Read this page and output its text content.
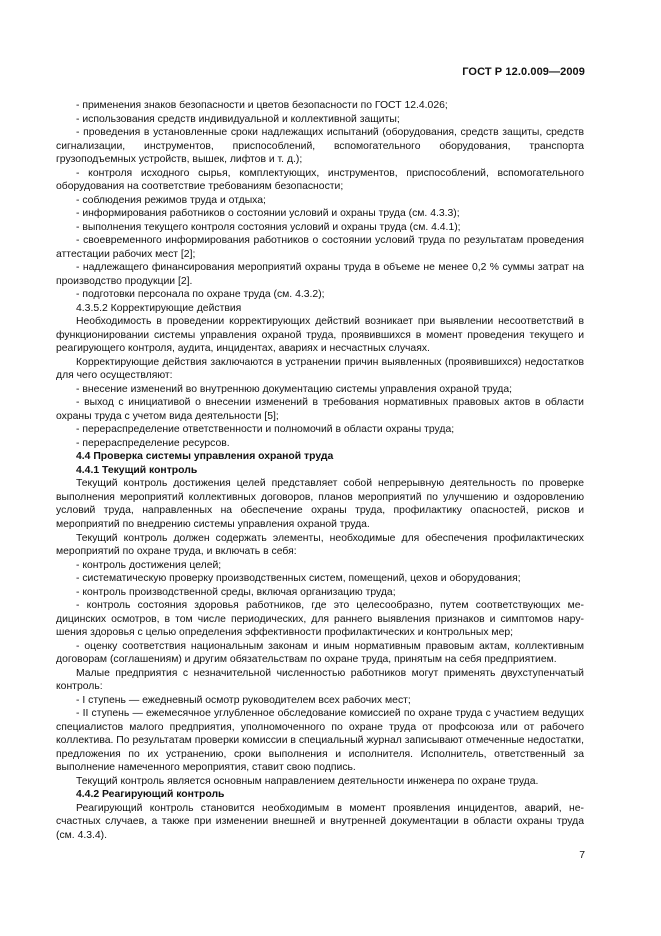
ГОСТ Р 12.0.009—2009

- применения знаков безопасности и цветов безопасности по ГОСТ 12.4.026;

- использования средств индивидуальной и коллективной защиты;

- проведения в установленные сроки надлежащих испытаний (оборудования, средств защиты, средств сигнализации, инструментов, приспособлений, вспомогательного оборудования, транспорта грузоподъемных устройств, вышек, лифтов и т. д.);

- контроля исходного сырья, комплектующих, инструментов, приспособлений, вспомогательного оборудования на соответствие требованиям безопасности;

- соблюдения режимов труда и отдыха;

- информирования работников о состоянии условий и охраны труда (см. 4.3.3);

- выполнения текущего контроля состояния условий и охраны труда (см. 4.4.1);

- своевременного информирования работников о состоянии условий труда по результатам проведения аттестации рабочих мест [2];

- надлежащего финансирования мероприятий охраны труда в объеме не менее 0,2 % суммы затрат на производство продукции [2].

- подготовки персонала по охране труда (см. 4.3.2);

4.3.5.2 Корректирующие действия

Необходимость в проведении корректирующих действий возникает при выявлении несоответствий в функционировании системы управления охраной труда, проявившихся в момент проведения текущего и реагирующего контроля, аудита, инцидентах, авариях и несчастных случаях.

Корректирующие действия заключаются в устранении причин выявленных (проявившихся) недостатков для чего осуществляют:

- внесение изменений во внутреннюю документацию системы управления охраной труда;

- выход с инициативой о внесении изменений в требования нормативных правовых актов в области охраны труда с учетом вида деятельности [5];

- перераспределение ответственности и полномочий в области охраны труда;

- перераспределение ресурсов.

4.4 Проверка системы управления охраной труда

4.4.1 Текущий контроль

Текущий контроль достижения целей представляет собой непрерывную деятельность по проверке выполнения мероприятий коллективных договоров, планов мероприятий по улучшению и оздоровлению условий труда, направленных на обеспечение охраны труда, профилактику опасностей, рисков и мероприятий по внедрению системы управления охраной труда.

Текущий контроль должен содержать элементы, необходимые для обеспечения профилактических мероприятий по охране труда, и включать в себя:

- контроль достижения целей;

- систематическую проверку производственных систем, помещений, цехов и оборудования;

- контроль производственной среды, включая организацию труда;

- контроль состояния здоровья работников, где это целесообразно, путем соответствующих медицинских осмотров, в том числе периодических, для раннего выявления признаков и симптомов нарушения здоровья с целью определения эффективности профилактических и контрольных мер;

- оценку соответствия национальным законам и иным нормативным правовым актам, коллективным договорам (соглашениям) и другим обязательствам по охране труда, принятым на себя предприятием.

Малые предприятия с незначительной численностью работников могут применять двухступенчатый контроль:

- I ступень — ежедневный осмотр руководителем всех рабочих мест;

- II ступень — ежемесячное углубленное обследование комиссией по охране труда с участием ведущих специалистов малого предприятия, уполномоченного по охране труда от профсоюза или от рабочего коллектива. По результатам проверки комиссии в специальный журнал записывают отмеченные недостатки, предложения по их устранению, сроки выполнения и исполнителя. Исполнитель, ответственный за выполнение намеченного мероприятия, ставит свою подпись.

Текущий контроль является основным направлением деятельности инженера по охране труда.

4.4.2 Реагирующий контроль

Реагирующий контроль становится необходимым в момент проявления инцидентов, аварий, несчастных случаев, а также при изменении внешней и внутренней документации в области охраны труда (см. 4.3.4).

7
